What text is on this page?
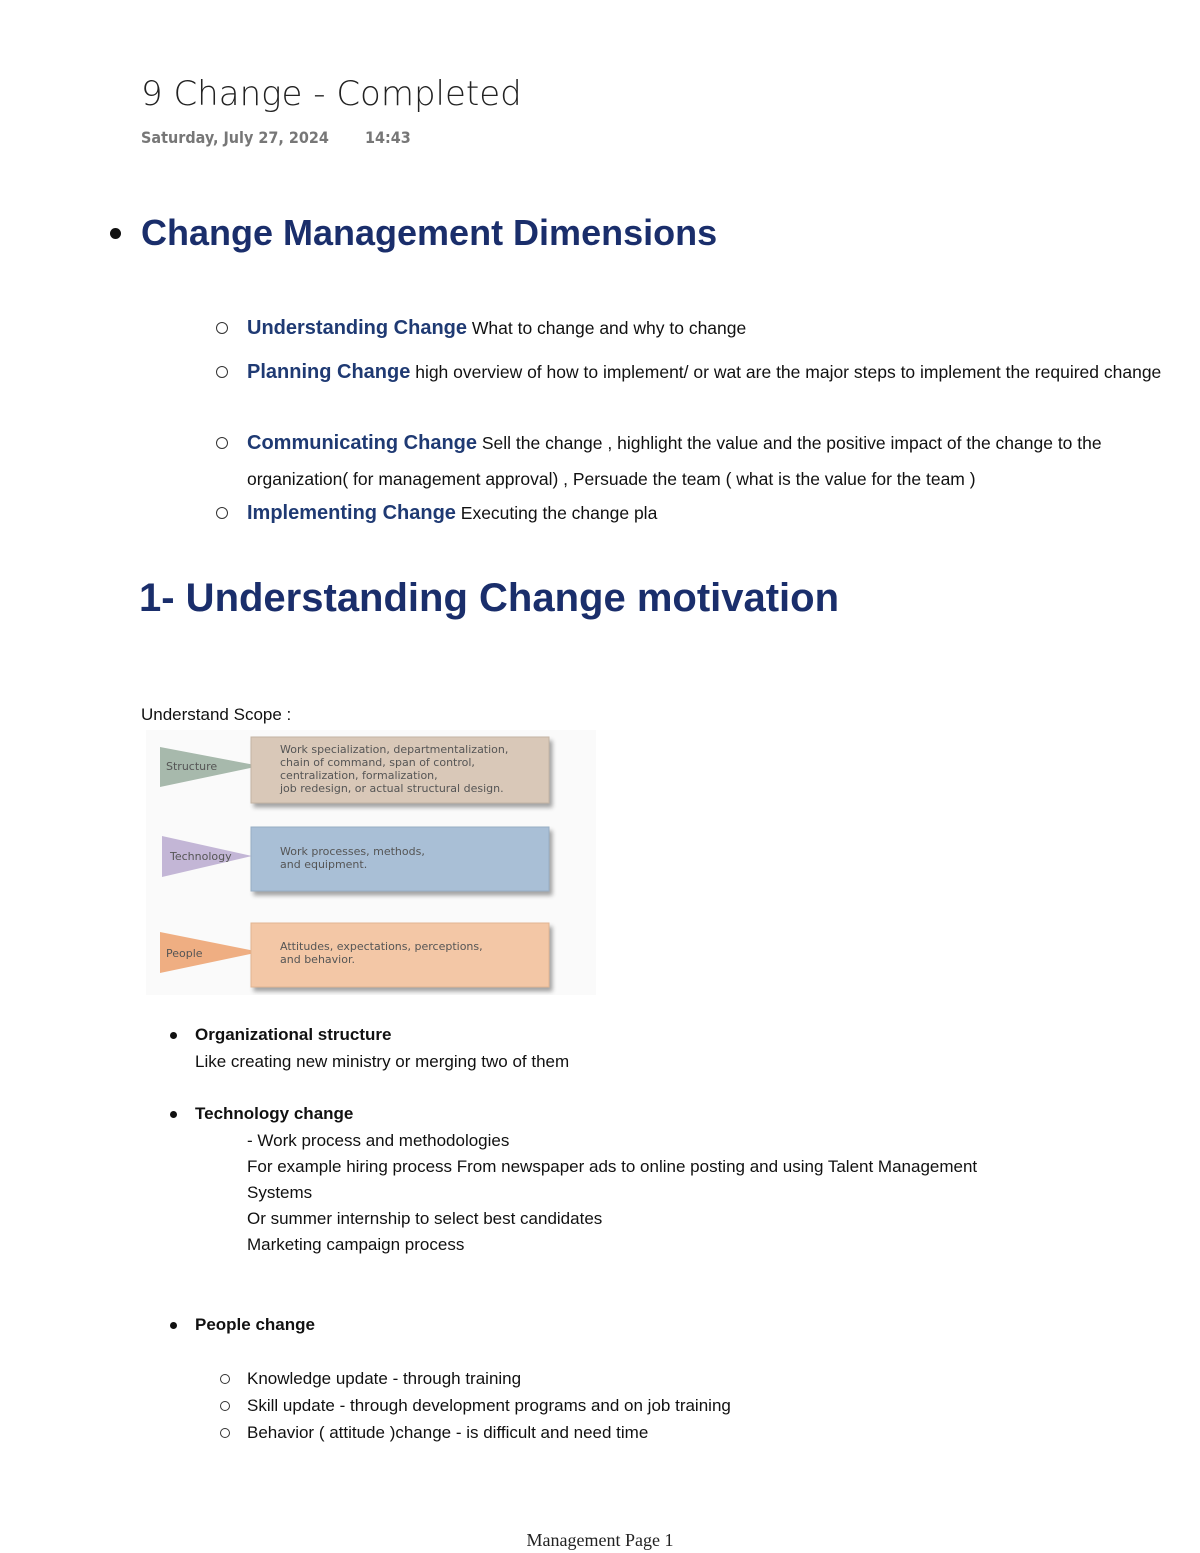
9 Change - Completed
Saturday, July 27, 2024 14:43
Change Management Dimensions
Understanding Change What to change and why to change
Planning Change high overview of how to implement/ or wat are the major steps to implement the required change
Communicating Change Sell the change , highlight the value and the positive impact of the change to the organization( for management approval) , Persuade the team ( what is the value for the team )
Implementing Change Executing the change pla
1- Understanding Change motivation
Understand Scope :
Structure
Work specialization, departmentalization, chain of command, span of control, centralization, formalization, job redesign, or actual structural design.
Technology	Work processes, methods, and equipment.
People
Attitudes, expectations, perceptions, and behavior.
Organizational structure
Like creating new ministry or merging two of them
Technology change
- Work process and methodologies
For example hiring process From newspaper ads to online posting and using Talent Management
Systems
Or summer internship to select best candidates
Marketing campaign process
People change
Knowledge update - through training
Skill update - through development programs and on job training
Behavior ( attitude )change - is difficult and need time
Management Page 1
